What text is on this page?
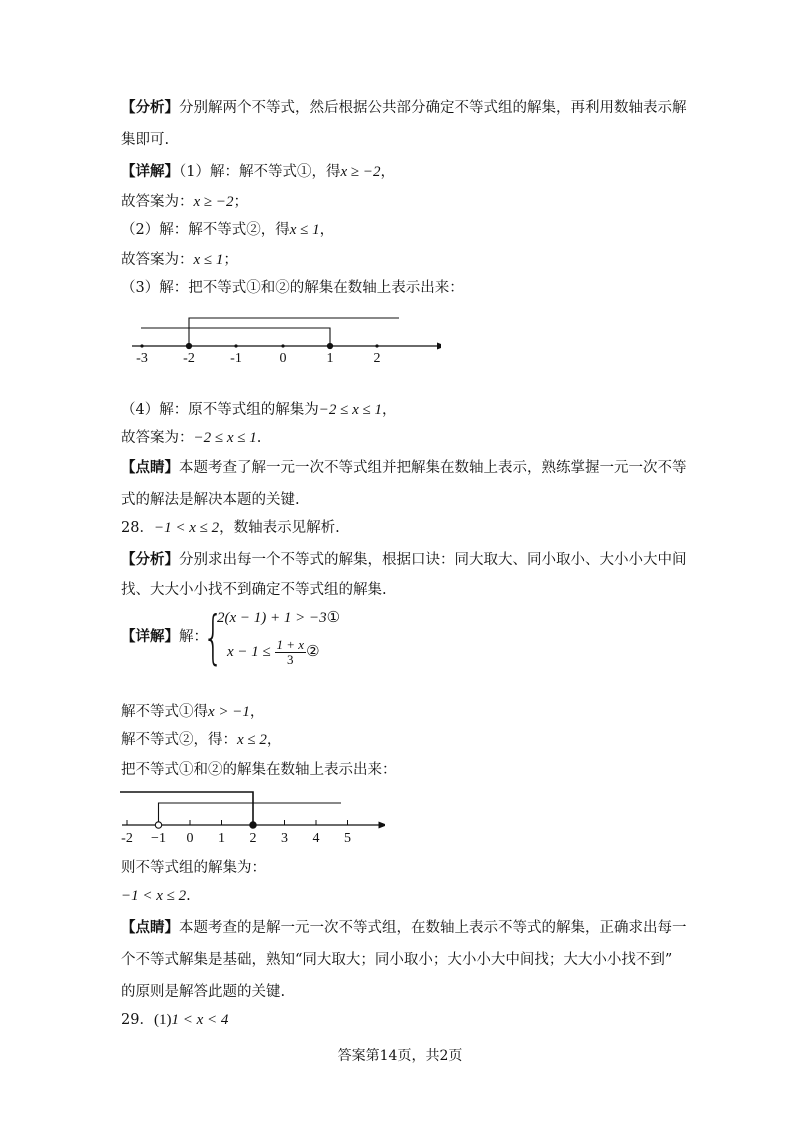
【分析】分别解两个不等式，然后根据公共部分确定不等式组的解集，再利用数轴表示解
集即可.
【详解】（1）解：解不等式①，得x ≥ −2，
故答案为：x ≥ −2；
（2）解：解不等式②，得x ≤ 1，
故答案为：x ≤ 1；
（3）解：把不等式①和②的解集在数轴上表示出来：
-3	-2	-1	0	1	2
（4）解：原不等式组的解集为−2 ≤ x ≤ 1，
故答案为：−2 ≤ x ≤ 1.
【点睛】本题考查了解一元一次不等式组并把解集在数轴上表示，熟练掌握一元一次不等
式的解法是解决本题的关键.
28．−1 < x ≤ 2，数轴表示见解析.
【分析】分别求出每一个不等式的解集，根据口诀：同大取大、同小取小、大小小大中间
找、大大小小找不到确定不等式组的解集.
【详解】解：
{
2(x − 1) + 1 > −3①
$x - 1 \le \frac{1 + x}{3}$ ②
解不等式①得x > −1，
解不等式②，得：x ≤ 2，
把不等式①和②的解集在数轴上表示出来：
-2 −1 0 1 2 3 4 5
则不等式组的解集为：
−1 < x ≤ 2.
【点睛】本题考查的是解一元一次不等式组，在数轴上表示不等式的解集，正确求出每一
个不等式解集是基础，熟知“同大取大；同小取小；大小小大中间找；大大小小找不到”
的原则是解答此题的关键.
29．(1)1 < x < 4
答案第14页，共2页
